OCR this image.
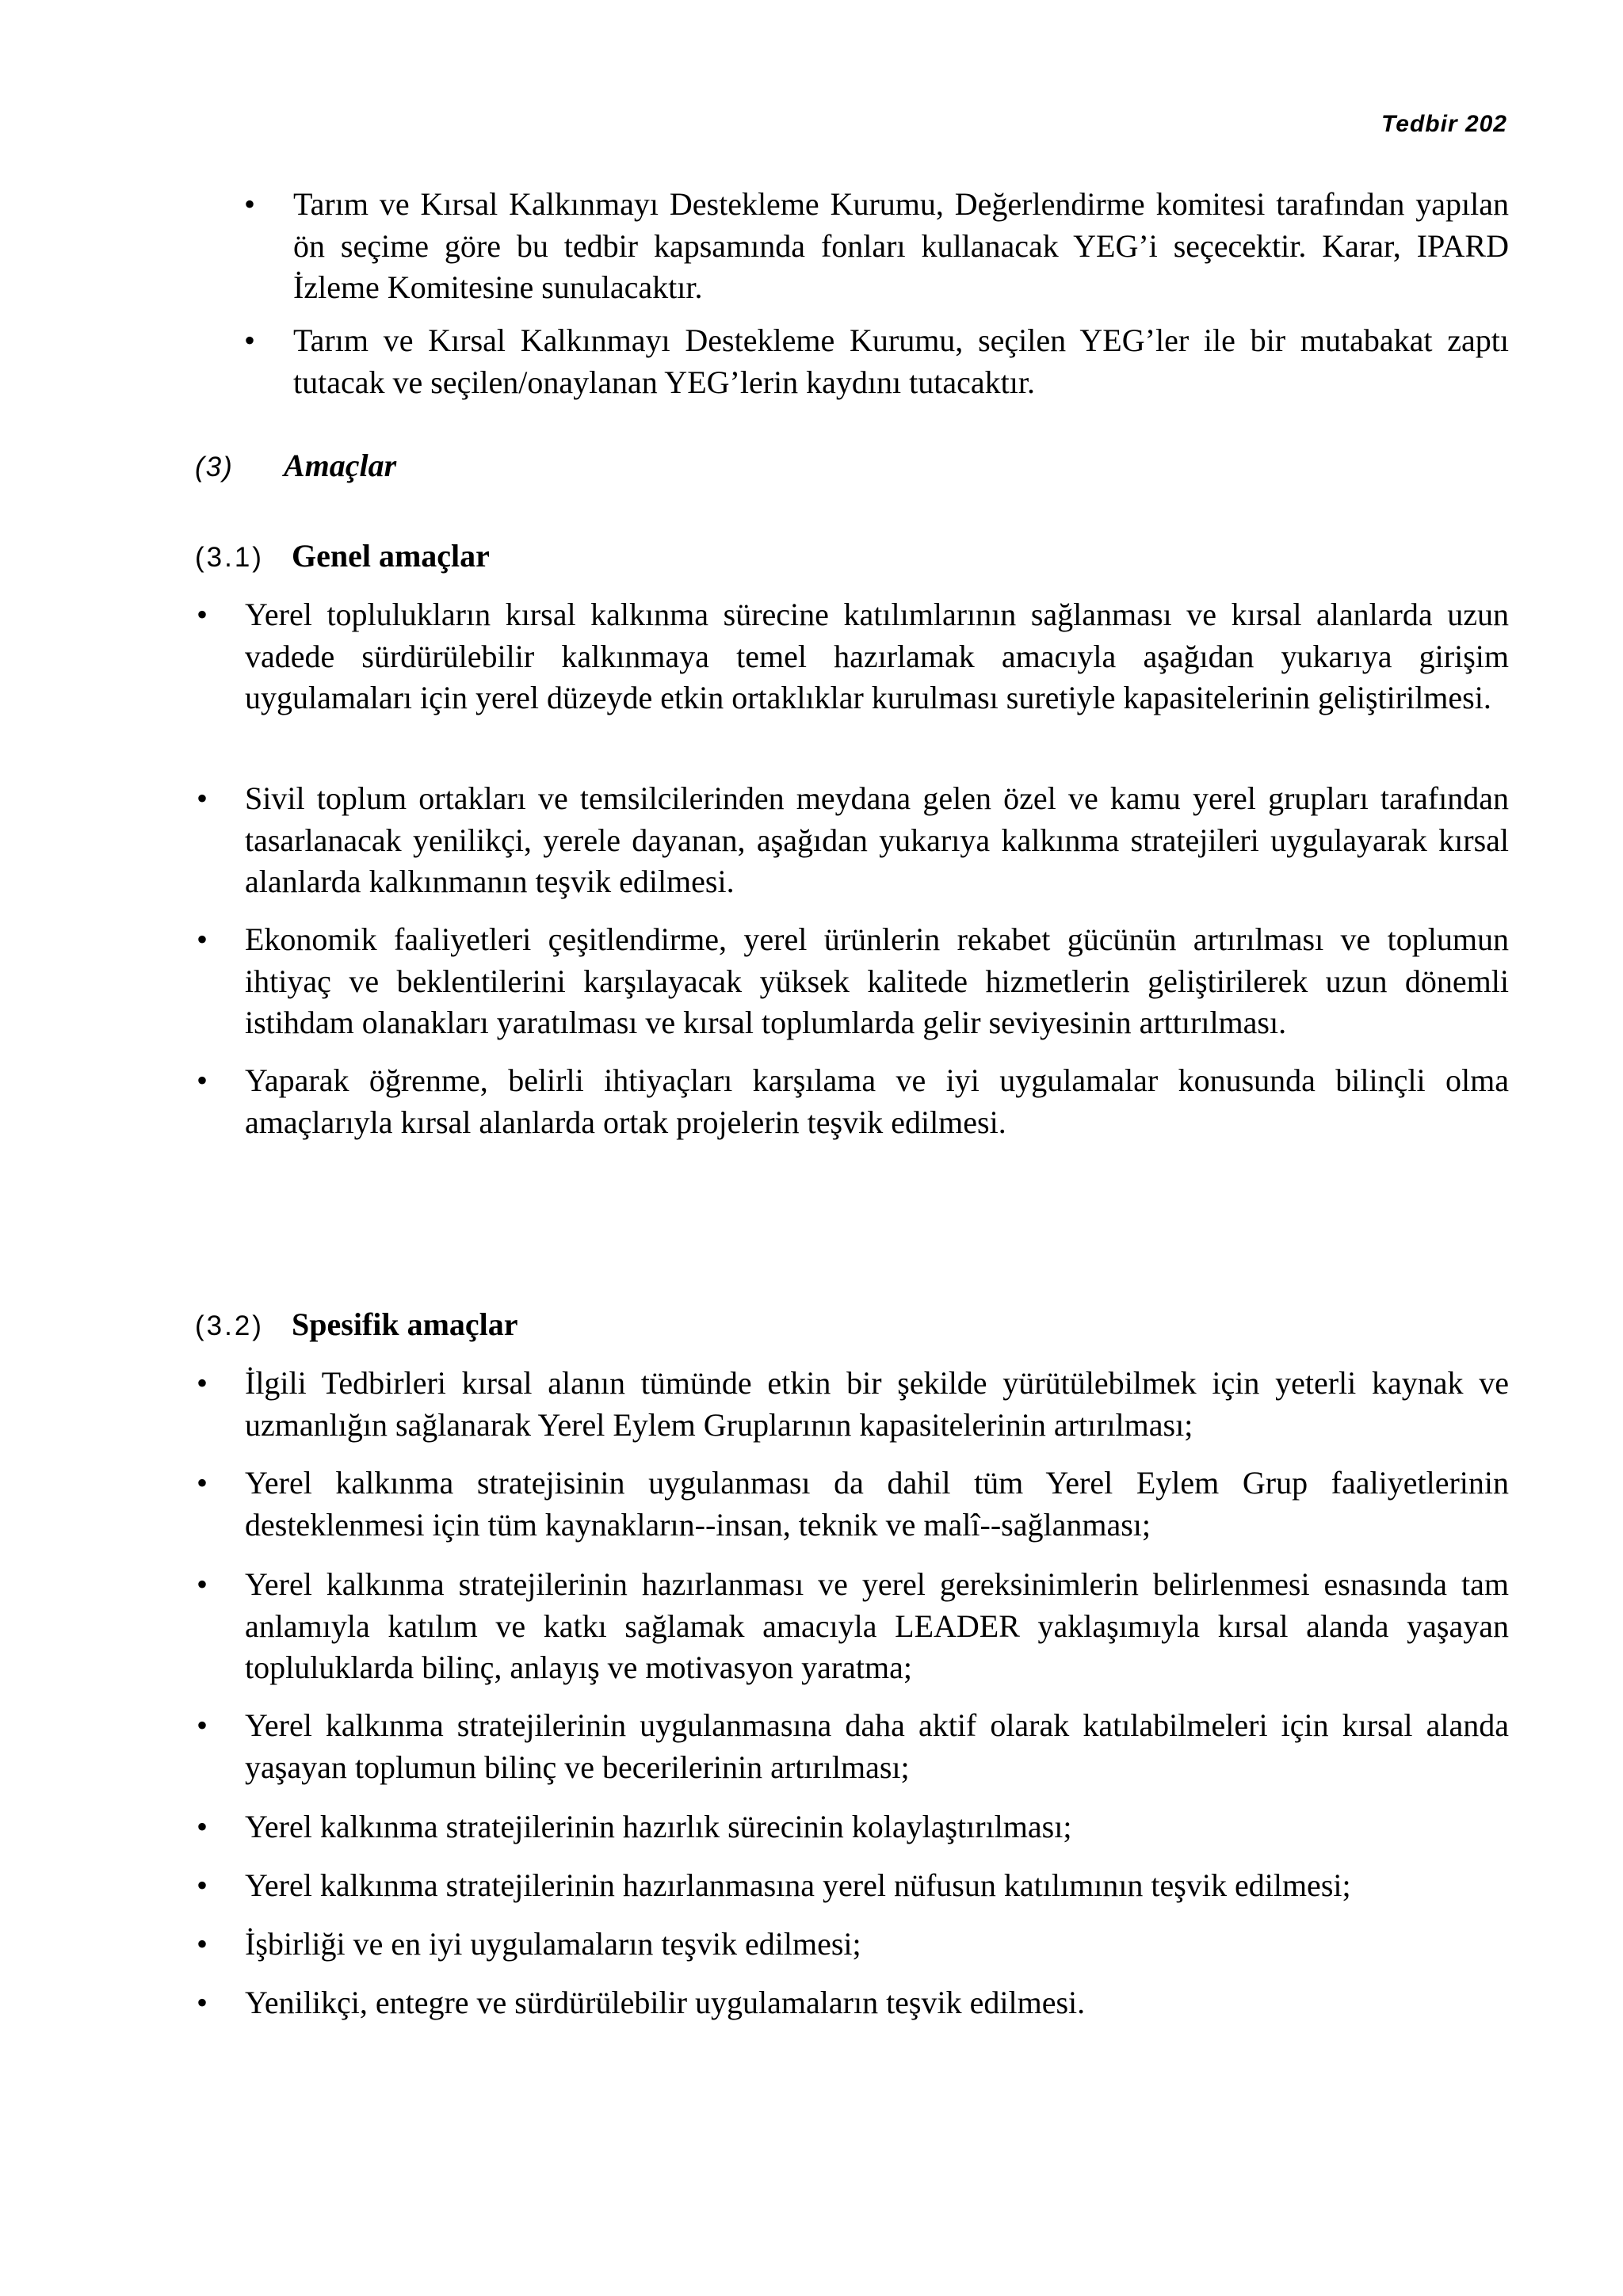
Tedbir 202
• Tarım ve Kırsal Kalkınmayı Destekleme Kurumu, Değerlendirme komitesi tarafından yapılan ön seçime göre bu tedbir kapsamında fonları kullanacak YEG’i seçecektir. Karar, IPARD İzleme Komitesine sunulacaktır.
• Tarım ve Kırsal Kalkınmayı Destekleme Kurumu, seçilen YEG’ler ile bir mutabakat zaptı tutacak ve seçilen/onaylanan YEG’lerin kaydını tutacaktır.
(3) Amaçlar
(3.1) Genel amaçlar
• Yerel toplulukların kırsal kalkınma sürecine katılımlarının sağlanması ve kırsal alanlarda uzun vadede sürdürülebilir kalkınmaya temel hazırlamak amacıyla aşağıdan yukarıya girişim uygulamaları için yerel düzeyde etkin ortaklıklar kurulması suretiyle kapasitelerinin geliştirilmesi.
• Sivil toplum ortakları ve temsilcilerinden meydana gelen özel ve kamu yerel grupları tarafından tasarlanacak yenilikçi, yerele dayanan, aşağıdan yukarıya kalkınma stratejileri uygulayarak kırsal alanlarda kalkınmanın teşvik edilmesi.
• Ekonomik faaliyetleri çeşitlendirme, yerel ürünlerin rekabet gücünün artırılması ve toplumun ihtiyaç ve beklentilerini karşılayacak yüksek kalitede hizmetlerin geliştirilerek uzun dönemli istihdam olanakları yaratılması ve kırsal toplumlarda gelir seviyesinin arttırılması.
• Yaparak öğrenme, belirli ihtiyaçları karşılama ve iyi uygulamalar konusunda bilinçli olma amaçlarıyla kırsal alanlarda ortak projelerin teşvik edilmesi.
(3.2) Spesifik amaçlar
• İlgili Tedbirleri kırsal alanın tümünde etkin bir şekilde yürütülebilmek için yeterli kaynak ve uzmanlığın sağlanarak Yerel Eylem Gruplarının kapasitelerinin artırılması;
• Yerel kalkınma stratejisinin uygulanması da dahil tüm Yerel Eylem Grup faaliyetlerinin desteklenmesi için tüm kaynakların--insan, teknik ve malî--sağlanması;
• Yerel kalkınma stratejilerinin hazırlanması ve yerel gereksinimlerin belirlenmesi esnasında tam anlamıyla katılım ve katkı sağlamak amacıyla LEADER yaklaşımıyla kırsal alanda yaşayan topluluklarda bilinç, anlayış ve motivasyon yaratma;
• Yerel kalkınma stratejilerinin uygulanmasına daha aktif olarak katılabilmeleri için kırsal alanda yaşayan toplumun bilinç ve becerilerinin artırılması;
• Yerel kalkınma stratejilerinin hazırlık sürecinin kolaylaştırılması;
• Yerel kalkınma stratejilerinin hazırlanmasına yerel nüfusun katılımının teşvik edilmesi;
• İşbirliği ve en iyi uygulamaların teşvik edilmesi;
• Yenilikçi, entegre ve sürdürülebilir uygulamaların teşvik edilmesi.
